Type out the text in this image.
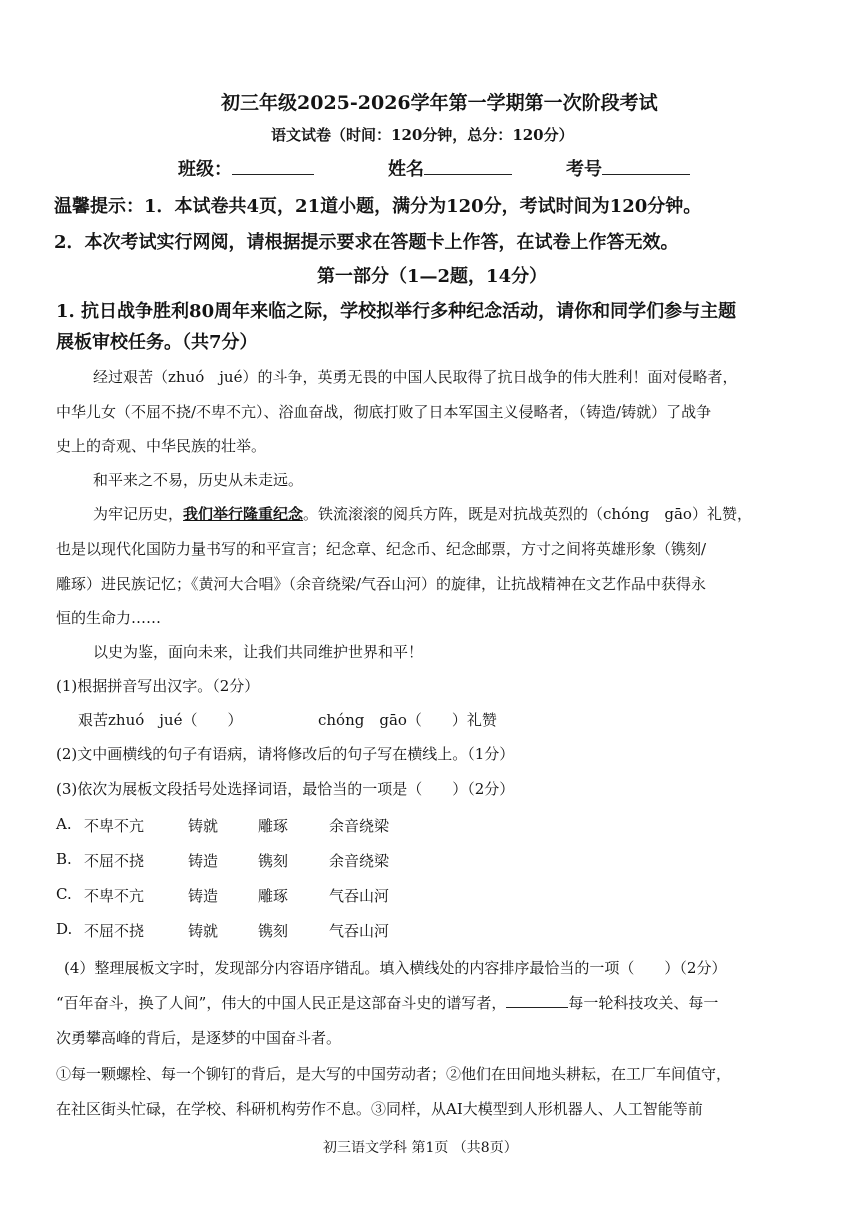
初三年级2025-2026学年第一学期第一次阶段考试
语文试卷（时间：120分钟，总分：120分）
班级：	姓名	考号
温馨提示：1．本试卷共4页，21道小题，满分为120分，考试时间为120分钟。
2．本次考试实行网阅，请根据提示要求在答题卡上作答，在试卷上作答无效。
第一部分（1—2题，14分）
1. 抗日战争胜利80周年来临之际，学校拟举行多种纪念活动，请你和同学们参与主题
展板审校任务。（共7分）
经过艰苦（zhuó　jué）的斗争，英勇无畏的中国人民取得了抗日战争的伟大胜利！面对侵略者，
中华儿女（不屈不挠/不卑不亢）、浴血奋战，彻底打败了日本军国主义侵略者，（铸造/铸就）了战争
史上的奇观、中华民族的壮举。
和平来之不易，历史从未走远。
为牢记历史，我们举行隆重纪念。铁流滚滚的阅兵方阵，既是对抗战英烈的（chóng　gāo）礼赞，
也是以现代化国防力量书写的和平宣言；纪念章、纪念币、纪念邮票，方寸之间将英雄形象（镌刻/
雕琢）进民族记忆；《黄河大合唱》（余音绕梁/气吞山河）的旋律，让抗战精神在文艺作品中获得永
恒的生命力……
以史为鉴，面向未来，让我们共同维护世界和平！
(1)根据拼音写出汉字。（2分）
艰苦zhuó　jué（　　）	chóng　gāo（　　）礼赞
(2)文中画横线的句子有语病，请将修改后的句子写在横线上。（1分）
(3)依次为展板文段括号处选择词语，最恰当的一项是（　　）（2分）
A. 不卑不亢	铸就	雕琢	余音绕梁
B. 不屈不挠	铸造	镌刻	余音绕梁
C. 不卑不亢	铸造	雕琢	气吞山河
D. 不屈不挠	铸就	镌刻	气吞山河
(4）整理展板文字时，发现部分内容语序错乱。填入横线处的内容排序最恰当的一项（　　）（2分）
“百年奋斗，换了人间”，伟大的中国人民正是这部奋斗史的谱写者，	每一轮科技攻关、每一
次勇攀高峰的背后，是逐梦的中国奋斗者。
①每一颗螺栓、每一个铆钉的背后，是大写的中国劳动者；②他们在田间地头耕耘，在工厂车间值守，
在社区街头忙碌，在学校、科研机构劳作不息。③同样，从AI大模型到人形机器人、人工智能等前
初三语文学科 第1页 （共8页）
